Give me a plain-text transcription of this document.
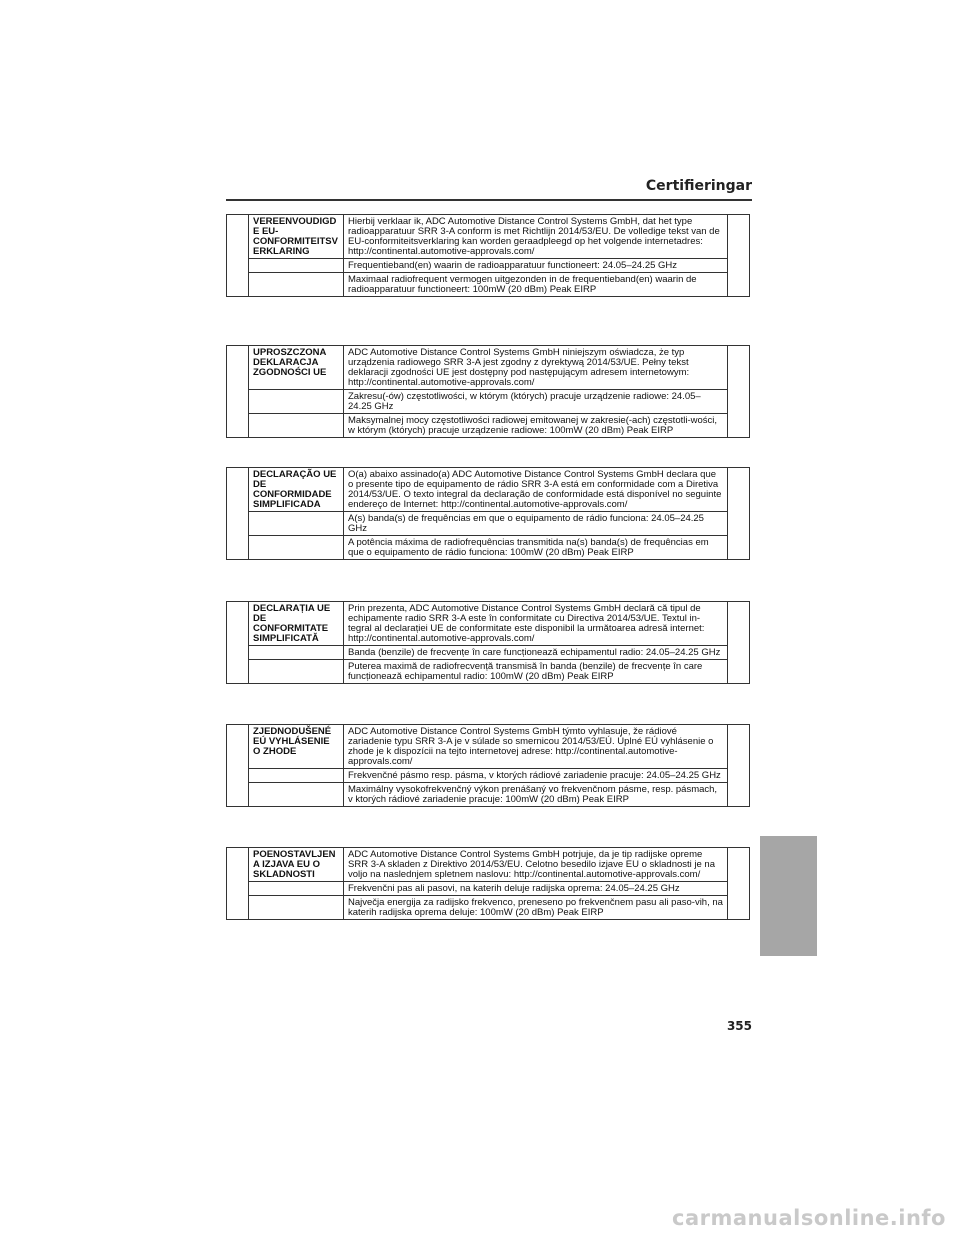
Certifieringar
	VEREENVOUDIGDE EU-CONFORMITEITSV ERKLARING	Hierbij verklaar ik, ADC Automotive Distance Control Systems GmbH, dat het type radioapparatuur SRR 3-A conform is met Richtlijn 2014/53/EU. De volledige tekst van de EU-conformiteitsverklaring kan worden geraadpleegd op het volgende internetadres: http://continental.automotive-approvals.com/	
		Frequentieband(en) waarin de radioapparatuur functioneert: 24.05–24.25 GHz	
		Maximaal radiofrequent vermogen uitgezonden in de frequentieband(en) waarin de radioapparatuur functioneert: 100mW (20 dBm) Peak EIRP	
	UPROSZCZONA DEKLARACJA ZGODNOŚCI UE	ADC Automotive Distance Control Systems GmbH niniejszym oświadcza, że typ urządzenia radiowego SRR 3-A jest zgodny z dyrektywą 2014/53/UE. Pełny tekst deklaracji zgodności UE jest dostępny pod następującym adresem internetowym: http://continental.automotive-approvals.com/	
		Zakresu(-ów) częstotliwości, w którym (których) pracuje urządzenie radiowe: 24.05–24.25 GHz	
		Maksymalnej mocy częstotliwości radiowej emitowanej w zakresie(-ach) częstotli-wości, w którym (których) pracuje urządzenie radiowe: 100mW (20 dBm) Peak EIRP	
	DECLARAÇÃO UE DE CONFORMIDADE SIMPLIFICADA	O(a) abaixo assinado(a) ADC Automotive Distance Control Systems GmbH declara que o presente tipo de equipamento de rádio SRR 3-A está em conformidade com a Diretiva 2014/53/UE. O texto integral da declaração de conformidade está disponível no seguinte endereço de Internet: http://continental.automotive-approvals.com/	
		A(s) banda(s) de frequências em que o equipamento de rádio funciona: 24.05–24.25 GHz	
		A potência máxima de radiofrequências transmitida na(s) banda(s) de frequências em que o equipamento de rádio funciona: 100mW (20 dBm) Peak EIRP	
	DECLARAȚIA UE DE CONFORMITATE SIMPLIFICATĂ	Prin prezenta, ADC Automotive Distance Control Systems GmbH declară că tipul de echipamente radio SRR 3-A este în conformitate cu Directiva 2014/53/UE. Textul in-tegral al declarației UE de conformitate este disponibil la următoarea adresă internet: http://continental.automotive-approvals.com/	
		Banda (benzile) de frecvențe în care funcționează echipamentul radio: 24.05–24.25 GHz	
		Puterea maximă de radiofrecvență transmisă în banda (benzile) de frecvențe în care funcționează echipamentul radio: 100mW (20 dBm) Peak EIRP	
	ZJEDNODUŠENÉ EÚ VYHLÁSENIE O ZHODE	ADC Automotive Distance Control Systems GmbH týmto vyhlasuje, že rádiové zariadenie typu SRR 3-A je v súlade so smernicou 2014/53/EÚ. Úplné EÚ vyhlásenie o zhode je k dispozícii na tejto internetovej adrese: http://continental.automotive-approvals.com/	
		Frekvenčné pásmo resp. pásma, v ktorých rádiové zariadenie pracuje: 24.05–24.25 GHz	
		Maximálny vysokofrekvenčný výkon prenášaný vo frekvenčnom pásme, resp. pásmach, v ktorých rádiové zariadenie pracuje: 100mW (20 dBm) Peak EIRP	
	POENOSTAVLJENA IZJAVA EU O SKLADNOSTI	ADC Automotive Distance Control Systems GmbH potrjuje, da je tip radijske opreme SRR 3-A skladen z Direktivo 2014/53/EU. Celotno besedilo izjave EU o skladnosti je na voljo na naslednjem spletnem naslovu: http://continental.automotive-approvals.com/	
		Frekvenčni pas ali pasovi, na katerih deluje radijska oprema: 24.05–24.25 GHz	
		Največja energija za radijsko frekvenco, preneseno po frekvenčnem pasu ali paso-vih, na katerih radijska oprema deluje: 100mW (20 dBm) Peak EIRP	
355
carmanualsonline.info
